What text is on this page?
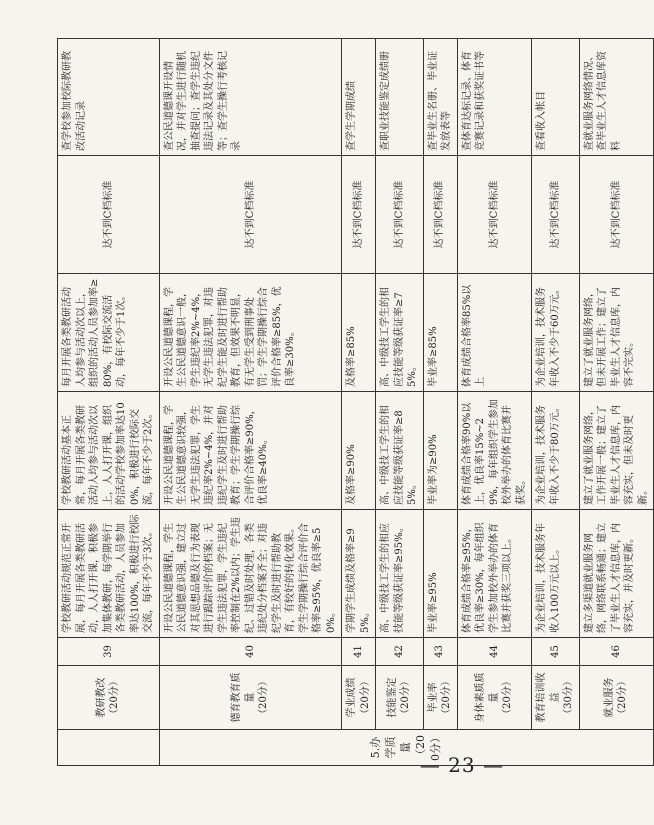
	教研教改 （20分）	39	学校教研活动规范正常开展，每月开展各类教研活动，人人打开课，积极参加集体教研，每学期举行各类教研活动，人员参加率达100%，积极进行校际交流，每年不少于3次。	学校教研活动基本正常，每月开展各类教研活动人均参与活动次以上，人人打开课，组织的活动学校参加率达100%，积极进行校际交流，每年不少于2次。	每月开展各类教研活动人均参与活动次以上，组织的活动人员参加率≥80%，有校际交流活动，每年不少于1次。	达不到C档标准	查学校参加校际教研教改活动记录
5.办学质量 （200分）	德育教育质量 （20分）	40	开设公民道德课程，学生公民道德意识强，建立过对其思想品德及行为表现进行跟踪评价的档案；无学生违法犯罪，学生违纪率控制在2%以内；学生违纪、过错及时处理，各类违纪处分档案齐全；对违纪学生及时进行帮助教育，有较好的转化效果。学生学期操行综合评价合格率≥95%，优良率≥50%。	开设公民道德课程，学生公民道德意识较强，无学生违法犯罪，学生违纪率2%~4%，并对违纪学生及时进行帮助教育；学生学期操行综合评价合格率≥90%，优良率≥40%。	开设公民道德课程，学生公民道德意识一般，学生违纪率2%~4%，无学生违法犯罪，对违纪学生能及时进行帮助教育，但效果不明显，有无学生受到刑事处罚；学生学期操行综合评价合格率≥85%，优良率≥30%。	达不到C档标准	查公民道德课开设情况，并对学生进行随机抽查提问；查学生违纪违法记录及其处分文件等；查学生操行考核记录
	学业成绩 （20分）	41	学期学生成绩及格率≥95%。	及格率≥90%	及格率≥85%	达不到C档标准	查学生学期成绩
	技能鉴定 （20分）	42	高、中级技工学生的相应技能等级获证率≥95%。	高、中级技工学生的相应技能等级获证率≥85%。	高、中级技工学生的相应技能等级获证率≥75%。	达不到C档标准	查职业技能鉴定成绩册
	毕业率 （20分）	43	毕业率≥95%	毕业率为≥90%	毕业率≥85%	达不到C档标准	查毕业生名册、毕业证发放表等
	身体素质质量 （20分）	44	体育成绩合格率≥95%，优良率≥30%，每年组织学生参加校外举办的体育比赛并获奖三项以上。	体育成绩合格率90%以上，优良率15%~29%，每年组织学生参加校外举办的体育比赛并获奖。	体育成绩合格率85%以上	达不到C档标准	查体育达标记录、体育竞赛记录和获奖证书等
	教育培训收益 （30分）	45	为企业培训，技术服务年收入100万元以上。	为企业培训，技术服务年收入不少于80万元。	为企业培训，技术服务年收入不少于60万元。	达不到C档标准	查看收入帐目
	就业服务 （20分）	46	建立多渠道就业服务网络，网络联系畅通；建立了毕业生人才信息库，内容充实，并及时更新。	建立了就业服务网络，工作开展一般；建立了毕业生人才信息库，内容充实，但未及时更新。	建立了就业服务网络，但未开展工作；建立了毕业生人才信息库，内容不完实。	达不到C档标准	查就业服务网络情况、查毕业生人才信息库资料
— 23 —
